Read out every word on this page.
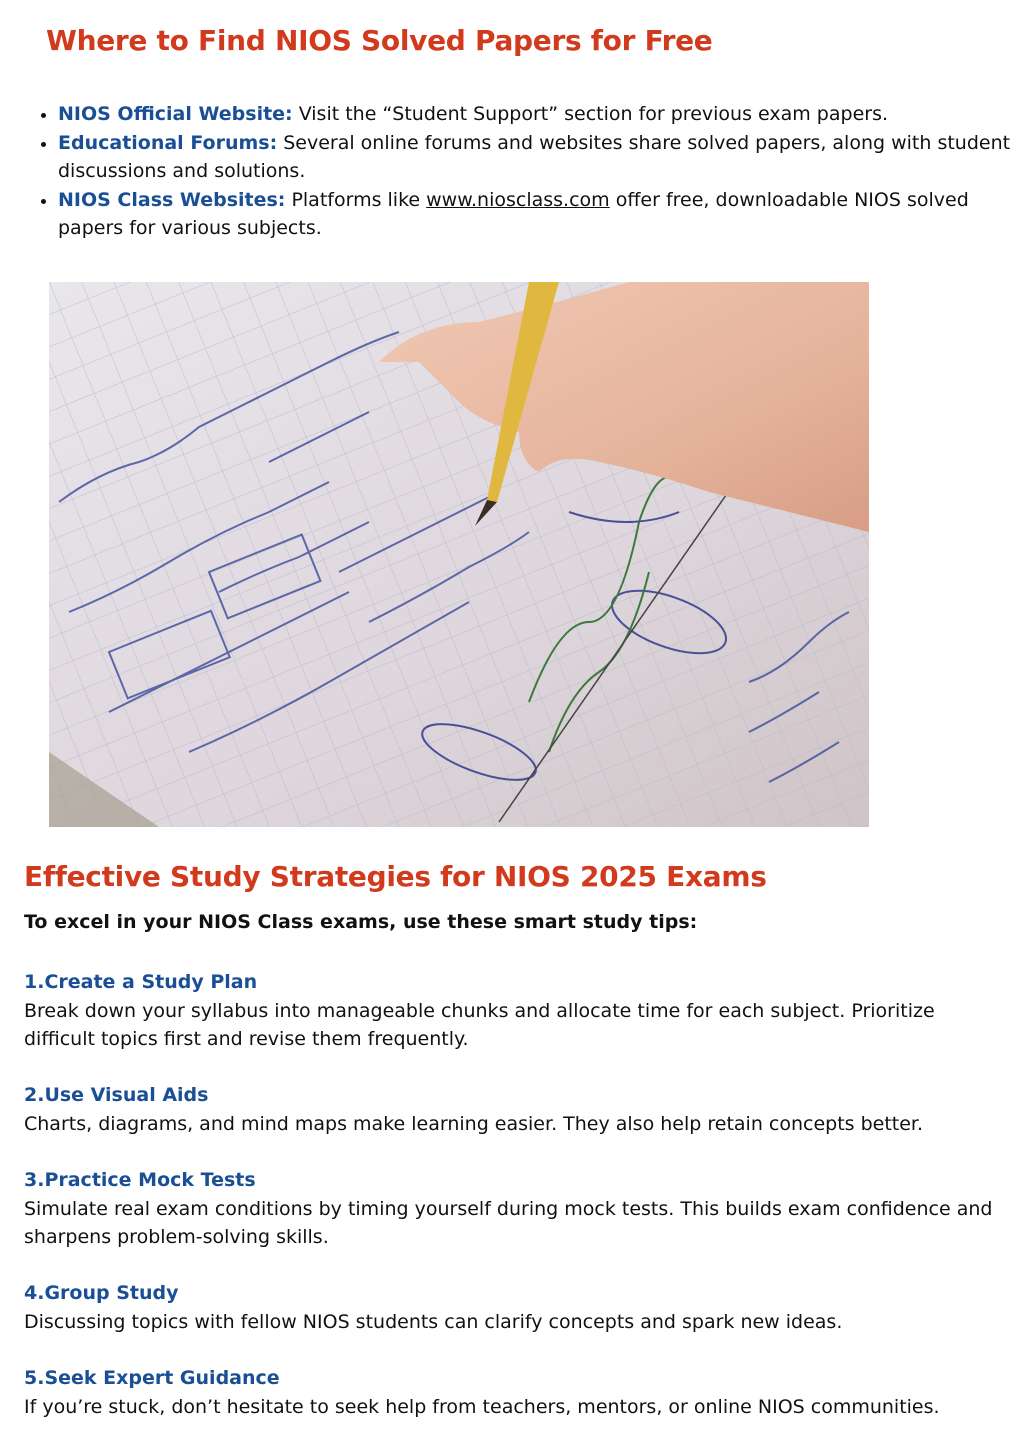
Where to Find NIOS Solved Papers for Free
• NIOS Official Website: Visit the “Student Support” section for previous exam papers.
• Educational Forums: Several online forums and websites share solved papers, along with student discussions and solutions.
• NIOS Class Websites: Platforms like www.niosclass.com offer free, downloadable NIOS solved papers for various subjects.
Effective Study Strategies for NIOS 2025 Exams
To excel in your NIOS Class exams, use these smart study tips:
1.Create a Study Plan
Break down your syllabus into manageable chunks and allocate time for each subject. Prioritize difficult topics first and revise them frequently.
2.Use Visual Aids
Charts, diagrams, and mind maps make learning easier. They also help retain concepts better.
3.Practice Mock Tests
Simulate real exam conditions by timing yourself during mock tests. This builds exam confidence and sharpens problem-solving skills.
4.Group Study
Discussing topics with fellow NIOS students can clarify concepts and spark new ideas.
5.Seek Expert Guidance
If you’re stuck, don’t hesitate to seek help from teachers, mentors, or online NIOS communities.
